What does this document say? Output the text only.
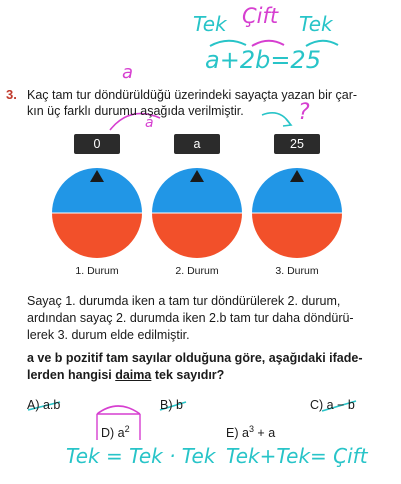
Tek Çift Tek
a+2b=25
a
a	?
3. Kaç tam tur döndürüldüğü üzerindeki sayaçta yazan bir çar-
kın üç farklı durumu aşağıda verilmiştir.
0	a	25
1. Durum	2. Durum	3. Durum
Sayaç 1. durumda iken a tam tur döndürülerek 2. durum,
ardından sayaç 2. durumda iken 2.b tam tur daha döndürü-
lerek 3. durum elde edilmiştir.
a ve b pozitif tam sayılar olduğuna göre, aşağıdaki ifade-
lerden hangisi daima tek sayıdır?
A) a.b	B) b	C) a − b
D) $a^2$	E) $a^3 + a$
Tek = Tek · Tek Tek+Tek= Çift
